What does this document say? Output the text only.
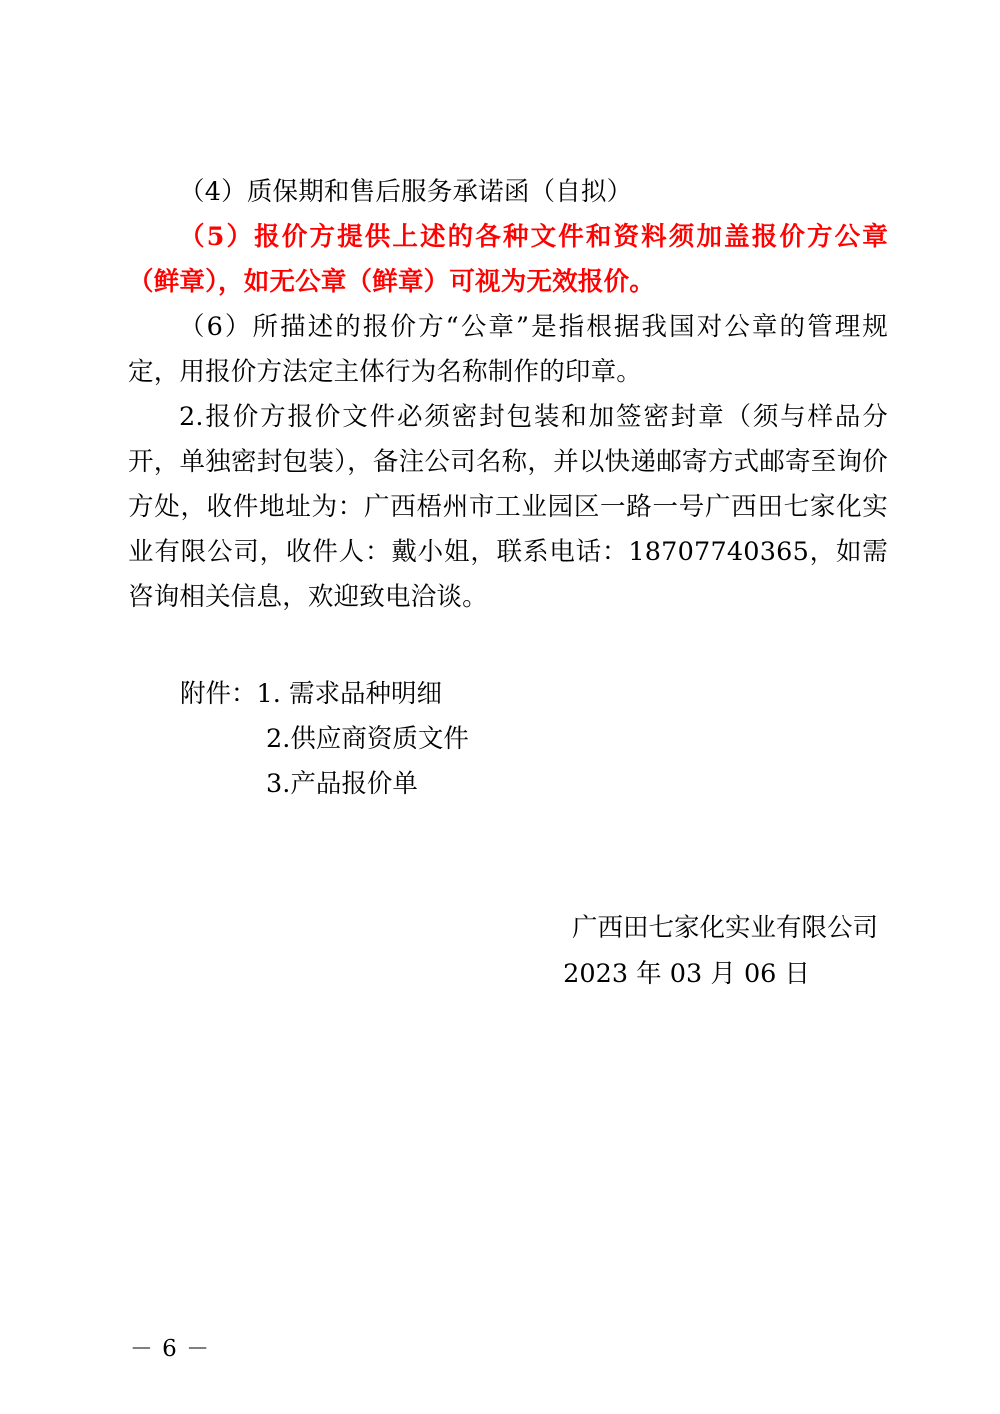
（4）质保期和售后服务承诺函（自拟）

（5）报价方提供上述的各种文件和资料须加盖报价方公章（鲜章），如无公章（鲜章）可视为无效报价。

（6）所描述的报价方“公章”是指根据我国对公章的管理规定，用报价方法定主体行为名称制作的印章。

2.报价方报价文件必须密封包装和加签密封章（须与样品分开，单独密封包装），备注公司名称，并以快递邮寄方式邮寄至询价方处，收件地址为：广西梧州市工业园区一路一号广西田七家化实业有限公司，收件人：戴小姐，联系电话：18707740365，如需咨询相关信息，欢迎致电洽谈。

附件：1. 需求品种明细
2.供应商资质文件
3.产品报价单
广西田七家化实业有限公司
2023 年 03 月 06 日
－ 6 －
